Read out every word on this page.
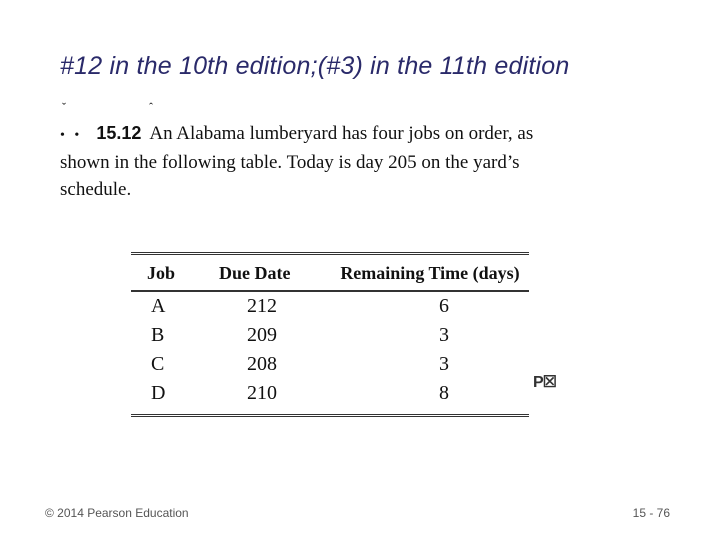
#12 in the 10th edition;(#3) in the 11th edition
ˇ ˆ
• • 15.12 An Alabama lumberyard has four jobs on order, as
shown in the following table. Today is day 205 on the yard’s
schedule.
Job	Due Date	Remaining Time (days)
A	212	6
B	209	3
C	208	3
D	210	8	P☒
© 2014 Pearson Education	15 - 76
